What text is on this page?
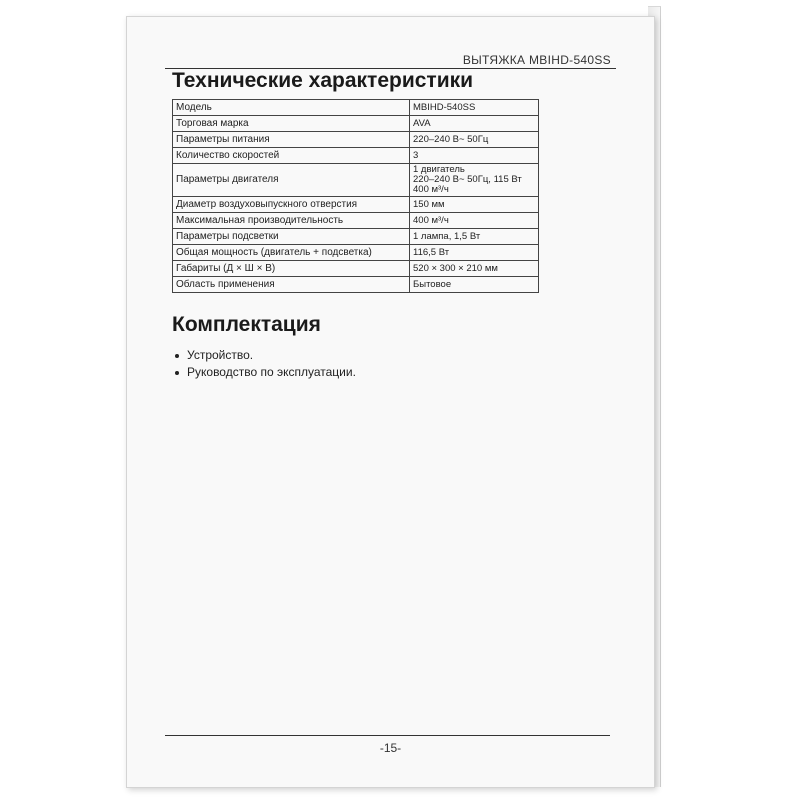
ВЫТЯЖКА MBIHD-540SS
Технические характеристики
Модель	MBIHD-540SS

Торговая марка	AVA

Параметры питания	220–240 В~ 50Гц

Количество скоростей	3

Параметры двигателя	1 двигатель
220–240 В~ 50Гц, 115 Вт
400 м³/ч

Диаметр воздуховыпускного отверстия	150 мм

Максимальная производительность	400 м³/ч

Параметры подсветки	1 лампа, 1,5 Вт

Общая мощность (двигатель + подсветка)	116,5 Вт

Габариты (Д × Ш × В)	520 × 300 × 210 мм

Область применения	Бытовое
Комплектация
Устройство.
Руководство по эксплуатации.
-15-
